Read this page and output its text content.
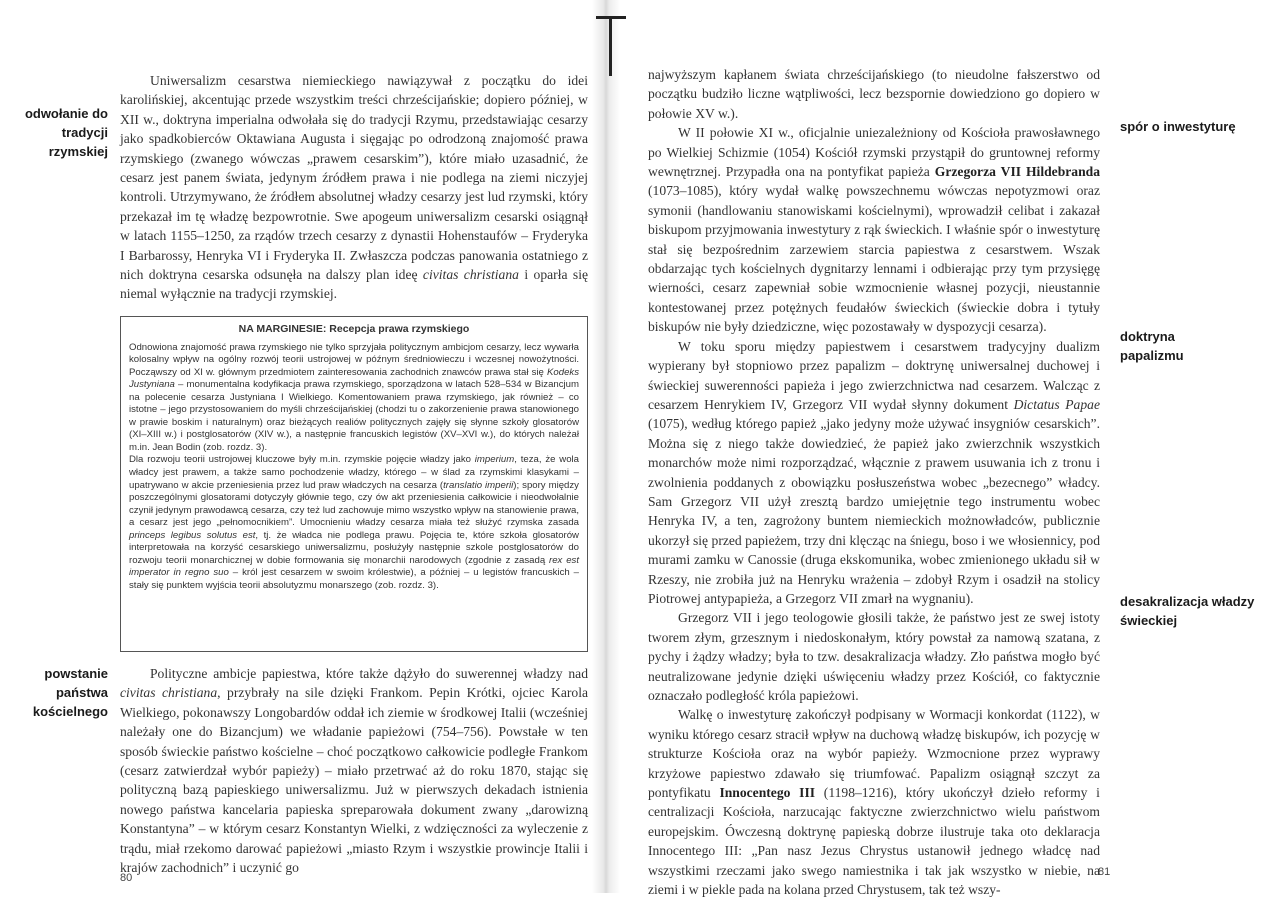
odwołanie do tradycji rzymskiej
powstanie państwa kościelnego

Uniwersalizm cesarstwa niemieckiego nawiązywał z początku do idei karolińskiej, akcentując przede wszystkim treści chrześcijańskie; dopiero później, w XII w., doktryna imperialna odwołała się do tradycji Rzymu, przedstawiając cesarzy jako spadkobierców Oktawiana Augusta i sięgając po odrodzoną znajomość prawa rzymskiego (zwanego wówczas „prawem cesarskim”), które miało uzasadnić, że cesarz jest panem świata, jedynym źródłem prawa i nie podlega na ziemi niczyjej kontroli. Utrzymywano, że źródłem absolutnej władzy cesarzy jest lud rzymski, który przekazał im tę władzę bezpowrotnie. Swe apogeum uniwersalizm cesarski osiągnął w latach 1155–1250, za rządów trzech cesarzy z dynastii Hohenstaufów – Fryderyka I Barbarossy, Henryka VI i Fryderyka II. Zwłaszcza podczas panowania ostatniego z nich doktryna cesarska odsunęła na dalszy plan ideę civitas christiana i oparła się niemal wyłącznie na tradycji rzymskiej.

NA MARGINESIE: Recepcja prawa rzymskiego

Odnowiona znajomość prawa rzymskiego nie tylko sprzyjała politycznym ambicjom cesarzy, lecz wywarła kolosalny wpływ na ogólny rozwój teorii ustrojowej w późnym średniowieczu i wczesnej nowożytności. Począwszy od XI w. głównym przedmiotem zainteresowania zachodnich znawców prawa stał się Kodeks Justyniana – monumentalna kodyfikacja prawa rzymskiego, sporządzona w latach 528–534 w Bizancjum na polecenie cesarza Justyniana I Wielkiego. Komentowaniem prawa rzymskiego, jak również – co istotne – jego przystosowaniem do myśli chrześcijańskiej (chodzi tu o zakorzenienie prawa stanowionego w prawie boskim i naturalnym) oraz bieżących realiów politycznych zajęły się słynne szkoły glosatorów (XI–XIII w.) i postglosatorów (XIV w.), a następnie francuskich legistów (XV–XVI w.), do których należał m.in. Jean Bodin (zob. rozdz. 3).

Dla rozwoju teorii ustrojowej kluczowe były m.in. rzymskie pojęcie władzy jako imperium, teza, że wola władcy jest prawem, a także samo pochodzenie władzy, którego – w ślad za rzymskimi klasykami – upatrywano w akcie przeniesienia przez lud praw władczych na cesarza (translatio imperii); spory między poszczególnymi glosatorami dotyczyły głównie tego, czy ów akt przeniesienia całkowicie i nieodwołalnie czynił jedynym prawodawcą cesarza, czy też lud zachowuje mimo wszystko wpływ na stanowienie prawa, a cesarz jest jego „pełnomocnikiem”. Umocnieniu władzy cesarza miała też służyć rzymska zasada princeps legibus solutus est, tj. że władca nie podlega prawu. Pojęcia te, które szkoła glosatorów interpretowała na korzyść cesarskiego uniwersalizmu, posłużyły następnie szkole postglosatorów do rozwoju teorii monarchicznej w dobie formowania się monarchii narodowych (zgodnie z zasadą rex est imperator in regno suo – król jest cesarzem w swoim królestwie), a później – u legistów francuskich – stały się punktem wyjścia teorii absolutyzmu monarszego (zob. rozdz. 3).

Polityczne ambicje papiestwa, które także dążyło do suwerennej władzy nad civitas christiana, przybrały na sile dzięki Frankom. Pepin Krótki, ojciec Karola Wielkiego, pokonawszy Longobardów oddał ich ziemie w środkowej Italii (wcześniej należały one do Bizancjum) we władanie papieżowi (754–756). Powstałe w ten sposób świeckie państwo kościelne – choć początkowo całkowicie podległe Frankom (cesarz zatwierdzał wybór papieży) – miało przetrwać aż do roku 1870, stając się polityczną bazą papieskiego uniwersalizmu. Już w pierwszych dekadach istnienia nowego państwa kancelaria papieska spreparowała dokument zwany „darowizną Konstantyna” – w którym cesarz Konstantyn Wielki, z wdzięczności za wyleczenie z trądu, miał rzekomo darować papieżowi „miasto Rzym i wszystkie prowincje Italii i krajów zachodnich” i uczynić go

80

najwyższym kapłanem świata chrześcijańskiego (to nieudolne fałszerstwo od początku budziło liczne wątpliwości, lecz bezspornie dowiedziono go dopiero w połowie XV w.).

W II połowie XI w., oficjalnie uniezależniony od Kościoła prawosławnego po Wielkiej Schizmie (1054) Kościół rzymski przystąpił do gruntownej reformy wewnętrznej. Przypadła ona na pontyfikat papieża Grzegorza VII Hildebranda (1073–1085), który wydał walkę powszechnemu wówczas nepotyzmowi oraz symonii (handlowaniu stanowiskami kościelnymi), wprowadził celibat i zakazał biskupom przyjmowania inwestytury z rąk świeckich. I właśnie spór o inwestyturę stał się bezpośrednim zarzewiem starcia papiestwa z cesarstwem. Wszak obdarzając tych kościelnych dygnitarzy lennami i odbierając przy tym przysięgę wierności, cesarz zapewniał sobie wzmocnienie własnej pozycji, nieustannie kontestowanej przez potężnych feudałów świeckich (świeckie dobra i tytuły biskupów nie były dziedziczne, więc pozostawały w dyspozycji cesarza).

W toku sporu między papiestwem i cesarstwem tradycyjny dualizm wypierany był stopniowo przez papalizm – doktrynę uniwersalnej duchowej i świeckiej suwerenności papieża i jego zwierzchnictwa nad cesarzem. Walcząc z cesarzem Henrykiem IV, Grzegorz VII wydał słynny dokument Dictatus Papae (1075), według którego papież „jako jedyny może używać insygniów cesarskich”. Można się z niego także dowiedzieć, że papież jako zwierzchnik wszystkich monarchów może nimi rozporządzać, włącznie z prawem usuwania ich z tronu i zwolnienia poddanych z obowiązku posłuszeństwa wobec „bezecnego” władcy. Sam Grzegorz VII użył zresztą bardzo umiejętnie tego instrumentu wobec Henryka IV, a ten, zagrożony buntem niemieckich możnowładców, publicznie ukorzył się przed papieżem, trzy dni klęcząc na śniegu, boso i we włosiennicy, pod murami zamku w Canossie (druga ekskomunika, wobec zmienionego układu sił w Rzeszy, nie zrobiła już na Henryku wrażenia – zdobył Rzym i osadził na stolicy Piotrowej antypapieża, a Grzegorz VII zmarł na wygnaniu).

Grzegorz VII i jego teologowie głosili także, że państwo jest ze swej istoty tworem złym, grzesznym i niedoskonałym, który powstał za namową szatana, z pychy i żądzy władzy; była to tzw. desakralizacja władzy. Zło państwa mogło być neutralizowane jedynie dzięki uświęceniu władzy przez Kościół, co faktycznie oznaczało podległość króla papieżowi.

Walkę o inwestyturę zakończył podpisany w Wormacji konkordat (1122), w wyniku którego cesarz stracił wpływ na duchową władzę biskupów, ich pozycję w strukturze Kościoła oraz na wybór papieży. Wzmocnione przez wyprawy krzyżowe papiestwo zdawało się triumfować. Papalizm osiągnął szczyt za pontyfikatu Innocentego III (1198–1216), który ukończył dzieło reformy i centralizacji Kościoła, narzucając faktyczne zwierzchnictwo wielu państwom europejskim. Ówczesną doktrynę papieską dobrze ilustruje taka oto deklaracja Innocentego III: „Pan nasz Jezus Chrystus ustanowił jednego władcę nad wszystkimi rzeczami jako swego namiestnika i tak jak wszystko w niebie, na ziemi i w piekle pada na kolana przed Chrystusem, tak też wszy-

spór o inwestyturę
doktryna papalizmu
desakralizacja władzy świeckiej
81
